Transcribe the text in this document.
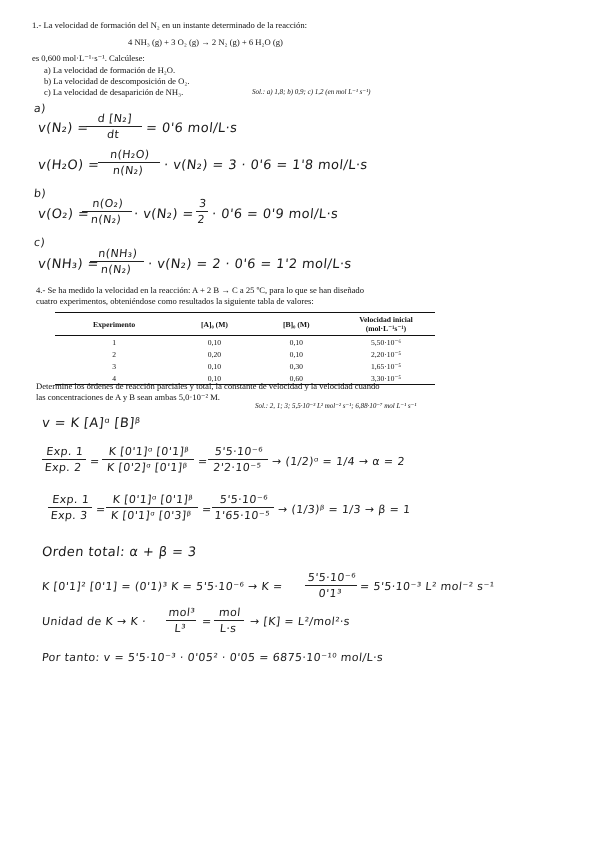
1.- La velocidad de formación del N₂ en un instante determinado de la reacción:
4 NH₃ (g) + 3 O₂ (g) → 2 N₂ (g) + 6 H₂O (g)
es 0,600 mol·L⁻¹·s⁻¹. Calcúlese:
a) La velocidad de formación de H₂O.
b) La velocidad de descomposición de O₂.
c) La velocidad de desaparición de NH₃.	Sol.: a) 1,8; b) 0,9; c) 1,2 (en mol L⁻¹ s⁻¹)
a)
v(N₂) =
d [N₂]
dt	= 0'6 mol/L·s
v(H₂O) =
n(H₂O)
n(N₂)	· v(N₂) = 3 · 0'6 = 1'8 mol/L·s
b)
v(O₂) =
n(O₂)
n(N₂) · v(N₂) =
3
2 · 0'6 = 0'9 mol/L·s
c)
v(NH₃) =
n(NH₃)
n(N₂)	· v(N₂) = 2 · 0'6 = 1'2 mol/L·s
4.- Se ha medido la velocidad en la reacción: A + 2 B → C a 25 ºC, para lo que se han diseñado
cuatro experimentos, obteniéndose como resultados la siguiente tabla de valores:
Experimento	[A]₀ (M)	[B]₀ (M)	Velocidad inicial (mol·L⁻¹s⁻¹)
1	0,10	0,10	5,50·10⁻⁶
2	0,20	0,10	2,20·10⁻⁵
3	0,10	0,30	1,65·10⁻⁵
4	0,10	0,60	3,30·10⁻⁵
Determine los órdenes de reacción parciales y total, la constante de velocidad y la velocidad cuando
las concentraciones de A y B sean ambas 5,0·10⁻² M.
Sol.: 2, 1; 3; 5,5·10⁻³ L² mol⁻² s⁻¹; 6,88·10⁻⁷ mol L⁻¹ s⁻¹
v = K [A]ᵅ [B]ᵝ
Exp. 1
Exp. 2 =
K [0'1]ᵅ [0'1]ᵝ
K [0'2]ᵅ [0'1]ᵝ =
5'5·10⁻⁶
2'2·10⁻⁵ → (1/2)ᵅ = 1/4 → α = 2
Exp. 1
Exp. 3 =
K [0'1]ᵅ [0'1]ᵝ
K [0'1]ᵅ [0'3]ᵝ =
5'5·10⁻⁶
1'65·10⁻⁵ → (1/3)ᵝ = 1/3 → β = 1
Orden total: α + β = 3
K [0'1]² [0'1] = (0'1)³ K = 5'5·10⁻⁶ → K =
5'5·10⁻⁶
0'1³
= 5'5·10⁻³ L² mol⁻² s⁻¹
Unidad de K → K ·
mol³
L³
=
mol
L·s
→ [K] = L²/mol²·s
Por tanto: v = 5'5·10⁻³ · 0'05² · 0'05 = 6875·10⁻¹⁰ mol/L·s
